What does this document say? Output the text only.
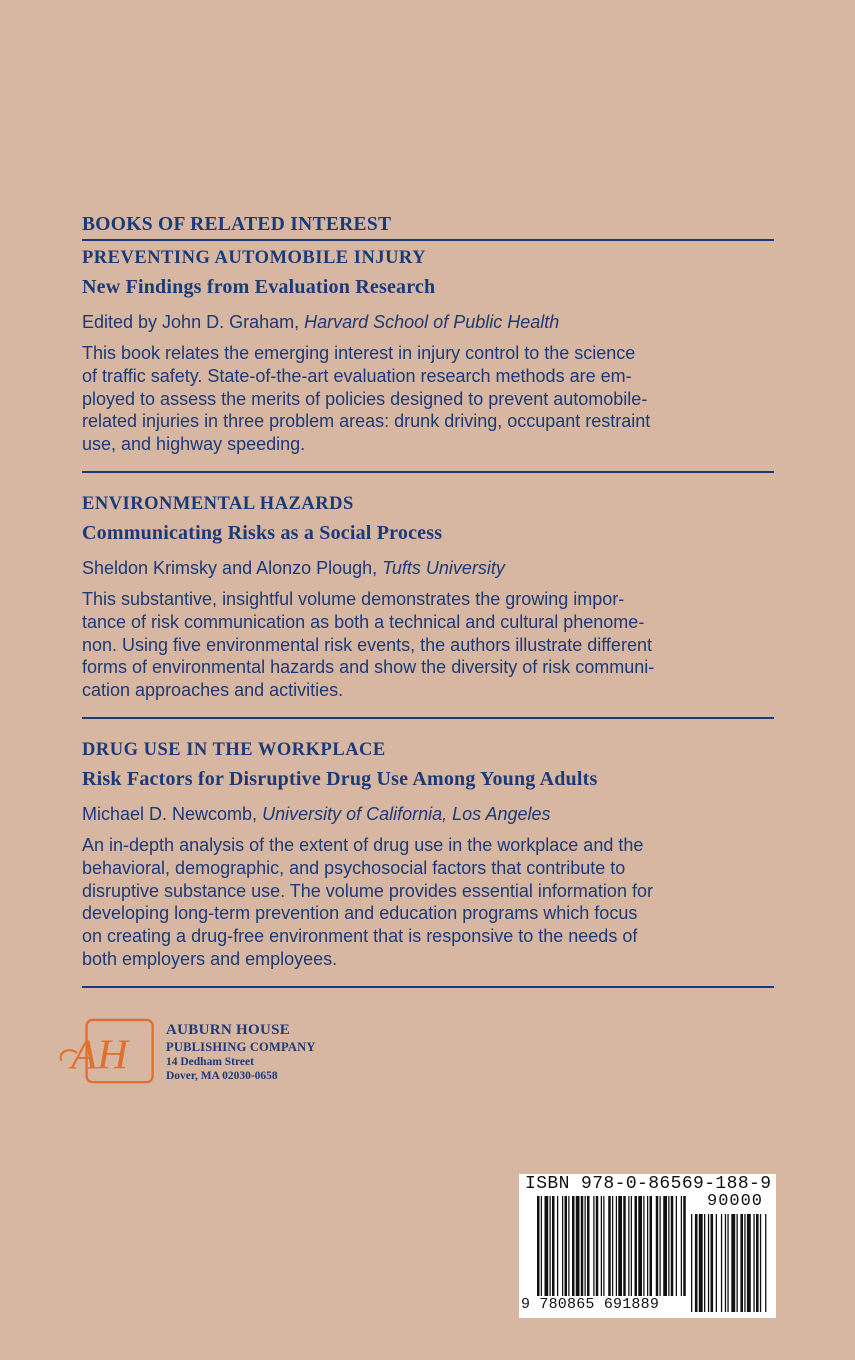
BOOKS OF RELATED INTEREST
PREVENTING AUTOMOBILE INJURY

New Findings from Evaluation Research

Edited by John D. Graham, Harvard School of Public Health

This book relates the emerging interest in injury control to the science
of traffic safety. State-of-the-art evaluation research methods are em-
ployed to assess the merits of policies designed to prevent automobile-
related injuries in three problem areas: drunk driving, occupant restraint
use, and highway speeding.
ENVIRONMENTAL HAZARDS

Communicating Risks as a Social Process

Sheldon Krimsky and Alonzo Plough, Tufts University

This substantive, insightful volume demonstrates the growing impor-
tance of risk communication as both a technical and cultural phenome-
non. Using five environmental risk events, the authors illustrate different
forms of environmental hazards and show the diversity of risk communi-
cation approaches and activities.
DRUG USE IN THE WORKPLACE

Risk Factors for Disruptive Drug Use Among Young Adults

Michael D. Newcomb, University of California, Los Angeles

An in-depth analysis of the extent of drug use in the workplace and the
behavioral, demographic, and psychosocial factors that contribute to
disruptive substance use. The volume provides essential information for
developing long-term prevention and education programs which focus
on creating a drug-free environment that is responsive to the needs of
both employers and employees.
AH
AUBURN HOUSE
PUBLISHING COMPANY
14 Dedham Street
Dover, MA 02030-0658
ISBN 978-0-86569-188-9
90000
9 780865 691889
